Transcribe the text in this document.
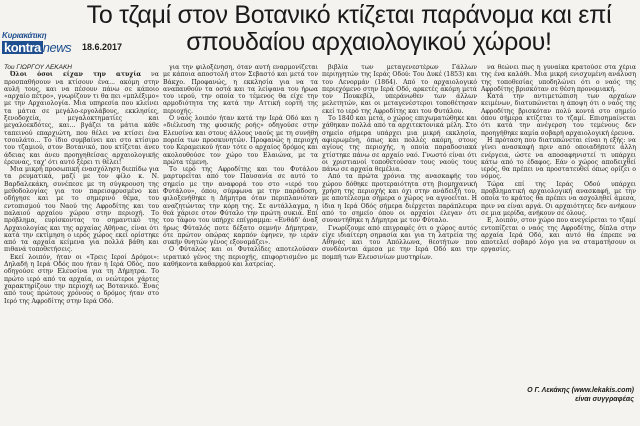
Κυριακάτικη
kontra news 18.6.2017
Το τζαμί στον Βοτανικό κτίζεται παράνομα και επί
σπουδαίου αρχαιολογικού χώρου!

Του ΓΙΩΡΓΟΥ ΛΕΚΑΚΗ

Όλοι όσοι είχαν την ατυχία να προσπαθήσουν να κτίσουν ένα... ακόμη στην αυλή τους, και να πέσουν πάνω σε κάποιο «αρχαίο πέτρο», γνωρίζουν τι θα πει «μπλέξιμο» με την Αρχαιολογία. Μια υπηρεσία που κλείνει τα μάτια σε μεγάλο-εργολάβους, εκκλησίες, ξενοδοχεία, μεγαλοκτηματίες και μεγαλοεκδότες, και... βγάζει τα μάτια κάθε ταπεινού επαρχιώτη, που θέλει να κτίσει ένα τσουλάτο... Το ίδιο συμβαίνει και στο κτίσιμο του τζαμιού, στον Βοτανικό, που κτίζεται άνευ άδειας και άνευ προηγηθείσας αρχαιολογικής έρευνας, ταχ' ότι αυτό ξέρει τι θέλει!

Μια μικρή προσωπική ενασχόληση διεπίδω για τα ρευματικά, μαζί με τον φίλο κ. Ν. Βαρδαλεκάκη, συνέπεσε με τη σύγκρουση της μεθοδολογίας για τον παρεισφρυσμένο και οδήγησε και με το σημερινό θέμα, του εντοπισμού του Ναού της Αφροδίτης και του παλαιού αρχαίου χώρου στην περιοχή. Το πρόβλημα, ευρίσκοντας το σημαντικό της Αρχαιολογίας και της αρχαίας Αθήνας, είναι ότι κατά την εκτίμηση ο ιερός χώρος εκεί ορίστηκε από τα αρχαία κείμενα για πολλά βάθη και πιθανά τοποθετήσεις.

Εκεί λοιπόν, ήταν οι «Τρεις Ιεροί Δρόμοι»: Δηλαδή η Ιερά Οδός που ήταν η Ιερά Οδός, που οδηγούσε στην Ελευσίνα για τη Δήμητρα. Το πρώτο ιερό από τα αρχαία, οι νεώτεροι χάρτες χαρακτηρίζουν την περιοχή ως Βοτανικό. Ένας από τους πρώτους χρόνους ο δρόμος ήταν στο Ιερό της Αφροδίτης στην Ιερά Οδό.

για την φιλοξένηση, όταν αυτή εναρμονίζεται με κάποια αποστολή στον Σεβαστό και μετά τον Βάκχο. Προφανώς, η εκκλησία για να τα αναπαυθούν τα οστά και τα λείψανα του ήρωα του ιερού, την οποία το τέμενος θα είχε την αρμοδιότητα της κατά την Αττική εορτή της περιοχής.

Ο ναός λοιπόν ήταν κατά την Ιερά Οδό και η «διέλευση της φυσικής ροής» οδηγούσε στην Ελευσίνα και στους άλλους ναούς με τη συνήθη πορεία των προσκυνητών. Προφανώς η περιοχή του Κεραμεικού ήταν τότε ο αρχαίος δρόμος και ακολουθούσε τον χώρο του Ελαιώνα, με τα πρώτα τέμενη.

Το ιερό της Αφροδίτης και του Φυτάλου μαρτυρείται από τον Παυσανία σε αυτό το σημείο με την αναφορά του στο «ιερό του Φυτάλου», όπου, σύμφωνα με την παράδοση, φιλοξενήθηκε η Δήμητρα όταν περιπλανιόταν αναζητώντας την κόρη της. Σε αντάλλαγμα, η θεά χάρισε στον Φύταλο την πρώτη συκιά. Επί του τάφου του υπήρχε επίγραμμα: «Ενθάδ' άναξ ήρως Φύταλός ποτε δέξατο σεμνήν Δήμητραν, ότε πρώτον οπώρας καρπόν έφηνεν, ην ιεράν συκήν θνητών γένος εξονομάζει».

Ο Φύταλος και οι Φυταλίδες αποτελούσαν ιερατικό γένος της περιοχής, επιφορτισμένο με καθήκοντα καθαρμού και λατρείας.

βιβλία των μεταγενεστέρων Γάλλων περιηγητών της Ιεράς Οδού: Του Δυκέ (1853) και του Λενορμάν (1864). Από το αρχαιολογικό περιεχόμενο στην Ιερά Οδό, αρκετές ακόμη μετά τον Πουκεβίλ, υπεράνωθεν των άλλων μελετητών, και οι μεταγενέστεροι τοποθέτησαν εκεί το ιερό της Αφροδίτης και του Φυτάλου.

Το 1840 και μετά, ο χώρος επιχωματώθηκε και χάθηκαν πολλά από τα αρχιτεκτονικά μέλη. Στο σημείο σήμερα υπάρχει μια μικρή εκκλησία, αφιερωμένη, όπως και πολλές ακόμη, στους αγίους της περιοχής, η οποία παραδοσιακά χτίστηκε πάνω σε αρχαίο ναό. Γνωστό είναι ότι οι χριστιανοί τοποθετούσαν τους ναούς τους πάνω σε αρχαία θεμέλια.

Από τα πρώτα χρόνια της ανασκαφής του χώρου δόθηκε προτεραιότητα στη βιομηχανική χρήση της περιοχής και όχι στην ανάδειξή του, με αποτέλεσμα σήμερα ο χώρος να αγνοείται. Η ίδια η Ιερά Οδός σήμερα διέρχεται παράπλευρα από το σημείο όπου οι αρχαίοι έλεγαν ότι συναντήθηκε η Δήμητρα με τον Φύταλο.

Γνωρίζουμε από επιγραφές ότι ο χώρος αυτός είχε ιδιαίτερη σημασία και για τη λατρεία της Αθηνάς και του Απόλλωνα, θεοτήτων που συνδέονται άμεσα με την Ιερά Οδό και την πομπή των Ελευσινίων μυστηρίων.

να θεώνει πως η γυναίκα κρατούσε στα χέρια της ένα καλάθι. Μια μικρή ενισχυμένη ανάλυση της τοποθεσίας υποδηλώνει ότι ο ναός της Αφροδίτης βρισκόταν σε θέση προνομιακή.

Κατά την αντιμετώπιση των αρχαίων κειμένων, διατυπώνεται η άποψη ότι ο ναός της Αφροδίτης βρισκόταν πολύ κοντά στο σημείο όπου σήμερα κτίζεται το τζαμί. Επισημαίνεται ότι κατά την ανέγερση του τεμένους δεν προηγήθηκε καμία σοβαρή αρχαιολογική έρευνα.

Η πρόταση που διατυπώνεται είναι η εξής: να γίνει ανασκαφή πριν από οποιαδήποτε άλλη ενέργεια, ώστε να αποσαφηνιστεί τι υπάρχει κάτω από το έδαφος. Εάν ο χώρος αποδειχθεί ιερός, θα πρέπει να προστατευθεί όπως ορίζει ο νόμος.

Τώρα επί της Ιεράς Οδού υπάρχει προβληματική αρχαιολογική ανασκαφή, με την οποία το κράτος θα πρέπει να ασχοληθεί άμεσα, πριν να είναι αργά. Οι αρχαιότητες δεν ανήκουν σε μια μερίδα, ανήκουν σε όλους.

Ε, λοιπόν, στον χώρο που ανεγείρεται το τζαμί εντοπίζεται ο ναός της Αφροδίτης, δίπλα στην αρχαία Ιερά Οδό, και αυτό θα έπρεπε να αποτελεί σοβαρό λόγο για να σταματήσουν οι εργασίες.

Ο Γ. Λεκάκης (www.lekakis.com)
είναι συγγραφέας
